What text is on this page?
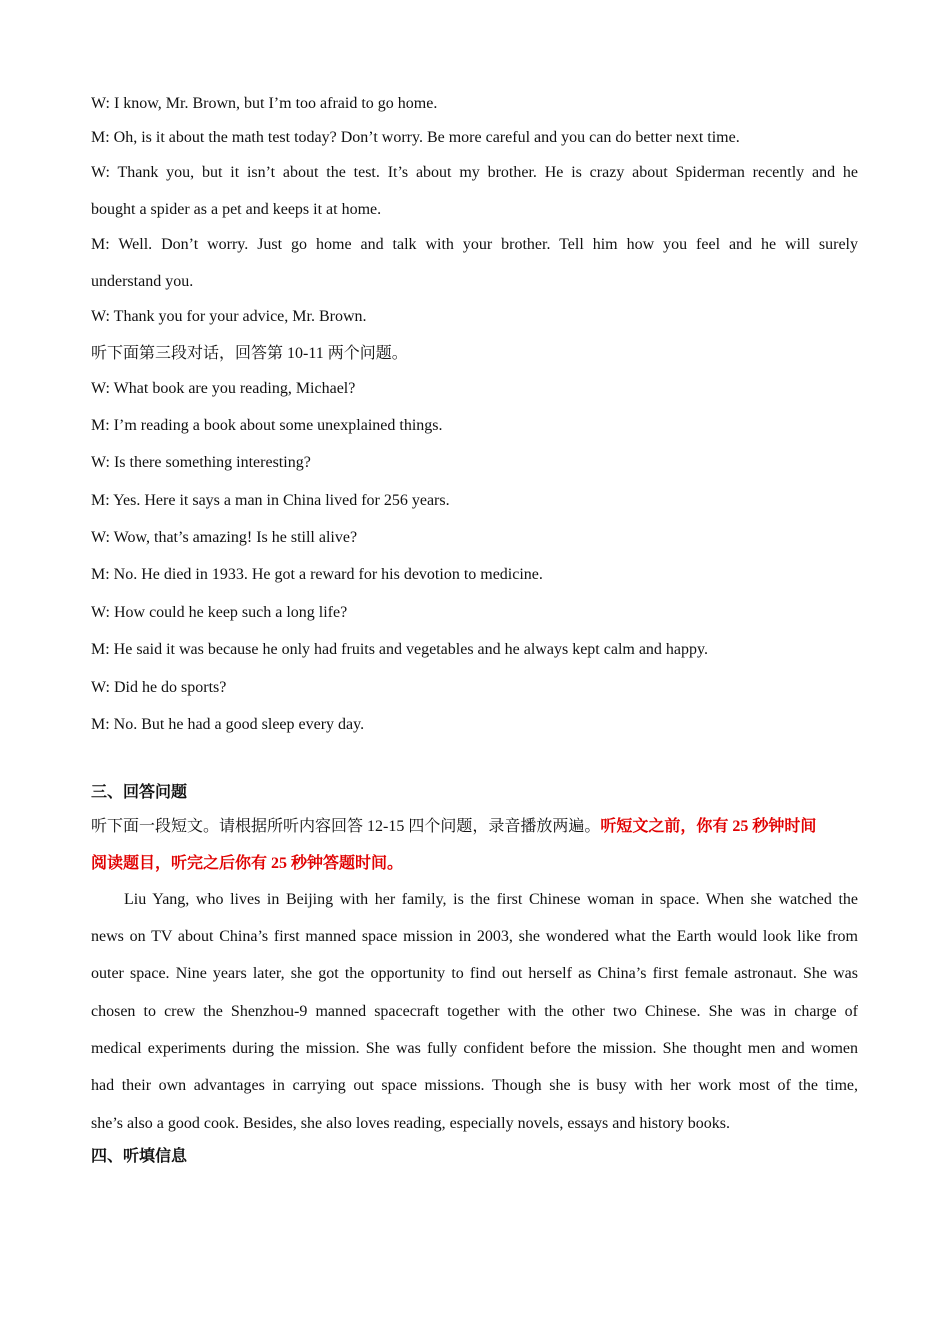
W: I know, Mr. Brown, but I’m too afraid to go home.
M: Oh, is it about the math test today? Don’t worry. Be more careful and you can do better next time.
W: Thank you, but it isn’t about the test. It’s about my brother. He is crazy about Spiderman recently and he
bought a spider as a pet and keeps it at home.
M: Well. Don’t worry. Just go home and talk with your brother. Tell him how you feel and he will surely
understand you.
W: Thank you for your advice, Mr. Brown.
听下面第三段对话，回答第 10-11 两个问题。
W: What book are you reading, Michael?
M: I’m reading a book about some unexplained things.
W: Is there something interesting?
M: Yes. Here it says a man in China lived for 256 years.
W: Wow, that’s amazing! Is he still alive?
M: No. He died in 1933. He got a reward for his devotion to medicine.
W: How could he keep such a long life?
M: He said it was because he only had fruits and vegetables and he always kept calm and happy.
W: Did he do sports?
M: No. But he had a good sleep every day.
三、回答问题
听下面一段短文。请根据所听内容回答 12-15 四个问题，录音播放两遍。听短文之前，你有 25 秒钟时间
阅读题目，听完之后你有 25 秒钟答题时间。
Liu Yang, who lives in Beijing with her family, is the first Chinese woman in space. When she watched the
news on TV about China’s first manned space mission in 2003, she wondered what the Earth would look like from
outer space. Nine years later, she got the opportunity to find out herself as China’s first female astronaut. She was
chosen to crew the Shenzhou-9 manned spacecraft together with the other two Chinese. She was in charge of
medical experiments during the mission. She was fully confident before the mission. She thought men and women
had their own advantages in carrying out space missions. Though she is busy with her work most of the time,
she’s also a good cook. Besides, she also loves reading, especially novels, essays and history books.
四、听填信息
